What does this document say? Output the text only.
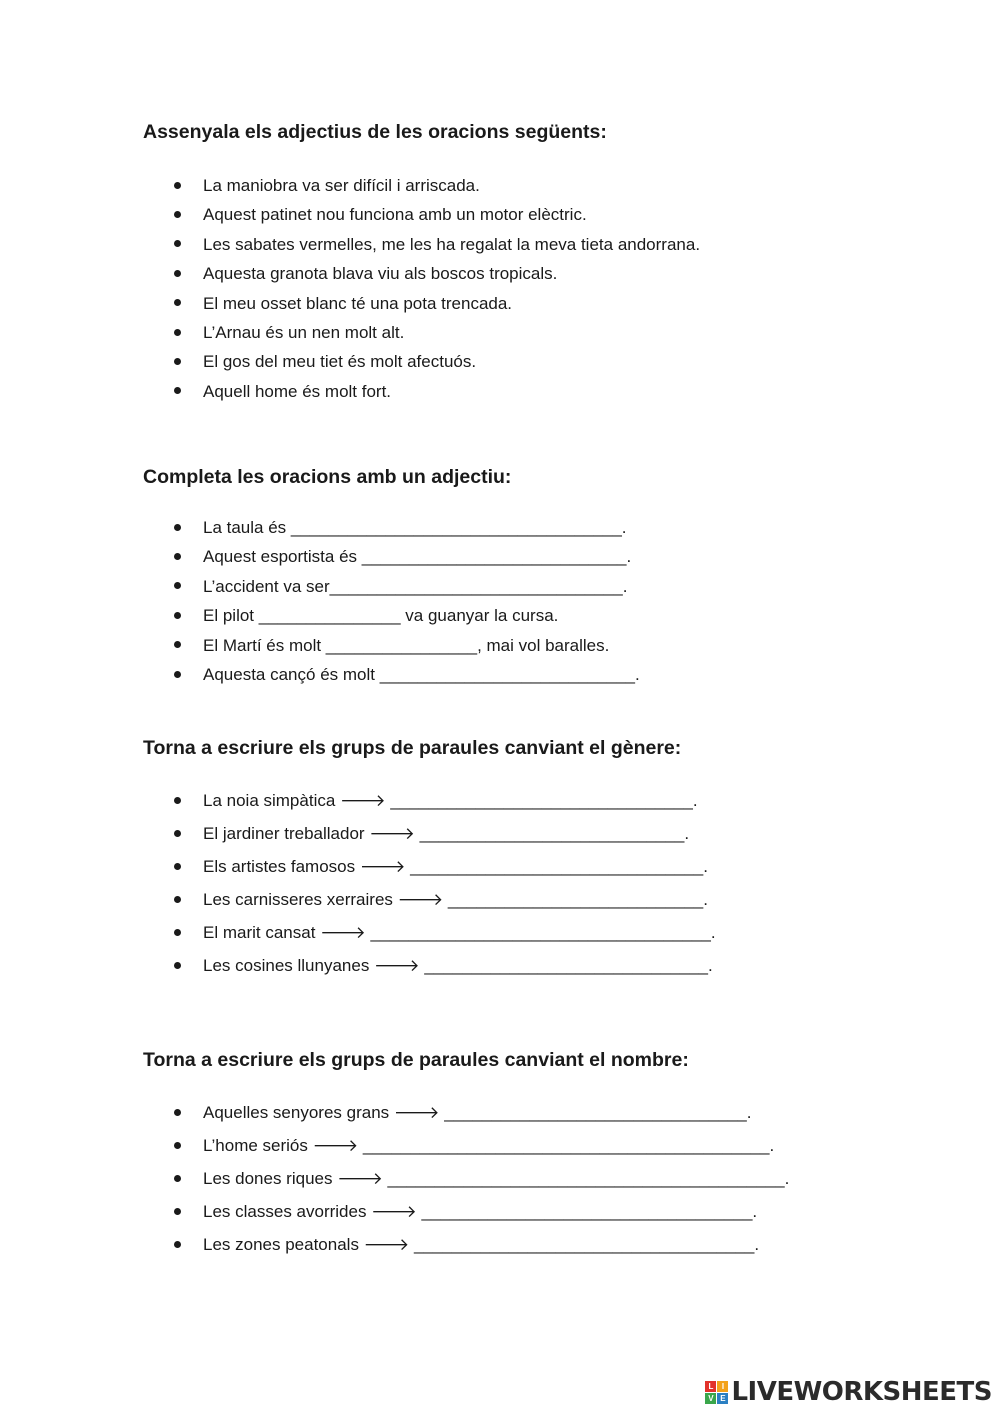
Assenyala els adjectius de les oracions següents:
La maniobra va ser difícil i arriscada.
Aquest patinet nou funciona amb un motor elèctric.
Les sabates vermelles, me les ha regalat la meva tieta andorrana.
Aquesta granota blava viu als boscos tropicals.
El meu osset blanc té una pota trencada.
L’Arnau és un nen molt alt.
El gos del meu tiet és molt afectuós.
Aquell home és molt fort.
Completa les oracions amb un adjectiu:
La taula és ___________________________________.
Aquest esportista és ____________________________.
L’accident va ser_______________________________.
El pilot _______________ va guanyar la cursa.
El Martí és molt ________________, mai vol baralles.
Aquesta cançó és molt ___________________________.
Torna a escriure els grups de paraules canviant el gènere:
La noia simpàtica 🡒 ________________________________.
El jardiner treballador 🡒 ____________________________.
Els artistes famosos 🡒 _______________________________.
Les carnisseres xerraires 🡒 ___________________________.
El marit cansat 🡒 ____________________________________.
Les cosines llunyanes 🡒 ______________________________.
Torna a escriure els grups de paraules canviant el nombre:
Aquelles senyores grans 🡒 ________________________________.
L’home seriós 🡒 ___________________________________________.
Les dones riques 🡒 __________________________________________.
Les classes avorrides 🡒 ___________________________________.
Les zones peatonals 🡒 ____________________________________.
L	I
V E LIVEWORKSHEETS
